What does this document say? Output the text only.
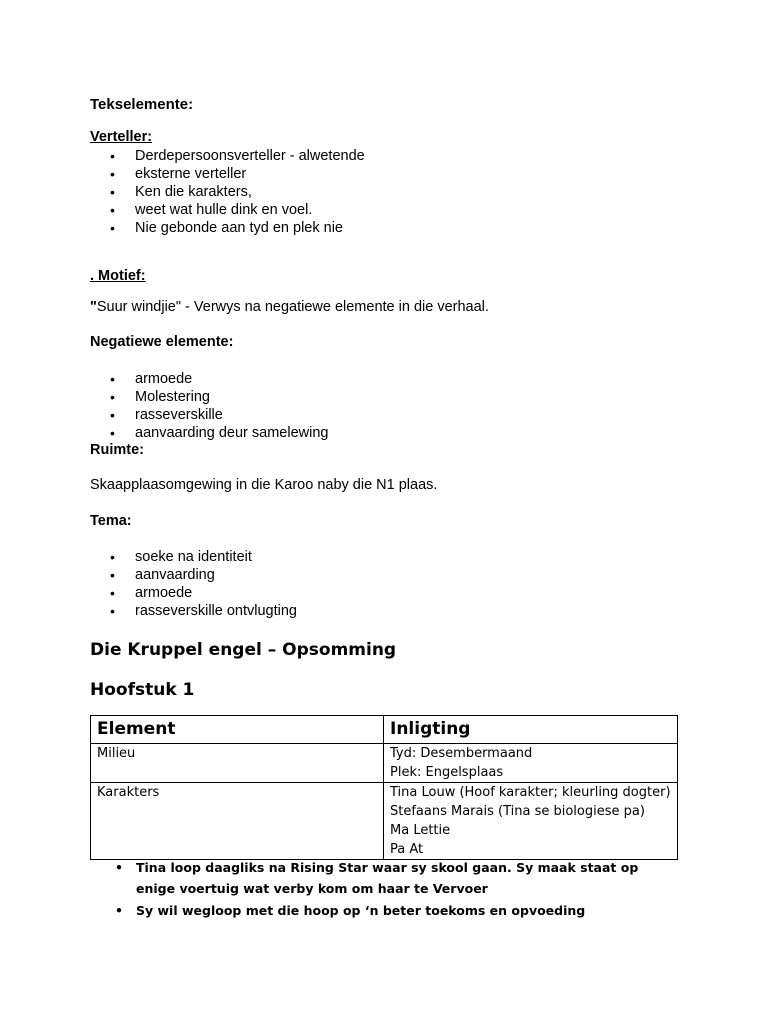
Tekselemente:
Verteller:
• Derdepersoonsverteller - alwetende
• eksterne verteller
• Ken die karakters,
• weet wat hulle dink en voel.
• Nie gebonde aan tyd en plek nie
. Motief:
"Suur windjie" - Verwys na negatiewe elemente in die verhaal.
Negatiewe elemente:
• armoede
• Molestering
• rasseverskille
• aanvaarding deur samelewing
Ruimte:
Skaapplaasomgewing in die Karoo naby die N1 plaas.
Tema:
• soeke na identiteit
• aanvaarding
• armoede
• rasseverskille ontvlugting
Die Kruppel engel – Opsomming
Hoofstuk 1
Element	Inligting
Milieu	Tyd: Desembermaand
Plek: Engelsplaas

Karakters	Tina Louw (Hoof karakter; kleurling dogter)
Stefaans Marais (Tina se biologiese pa)
Ma Lettie
Pa At
• Tina loop daagliks na Rising Star waar sy skool gaan. Sy maak staat op enige voertuig wat verby kom om haar te Vervoer
• Sy wil wegloop met die hoop op ‘n beter toekoms en opvoeding
